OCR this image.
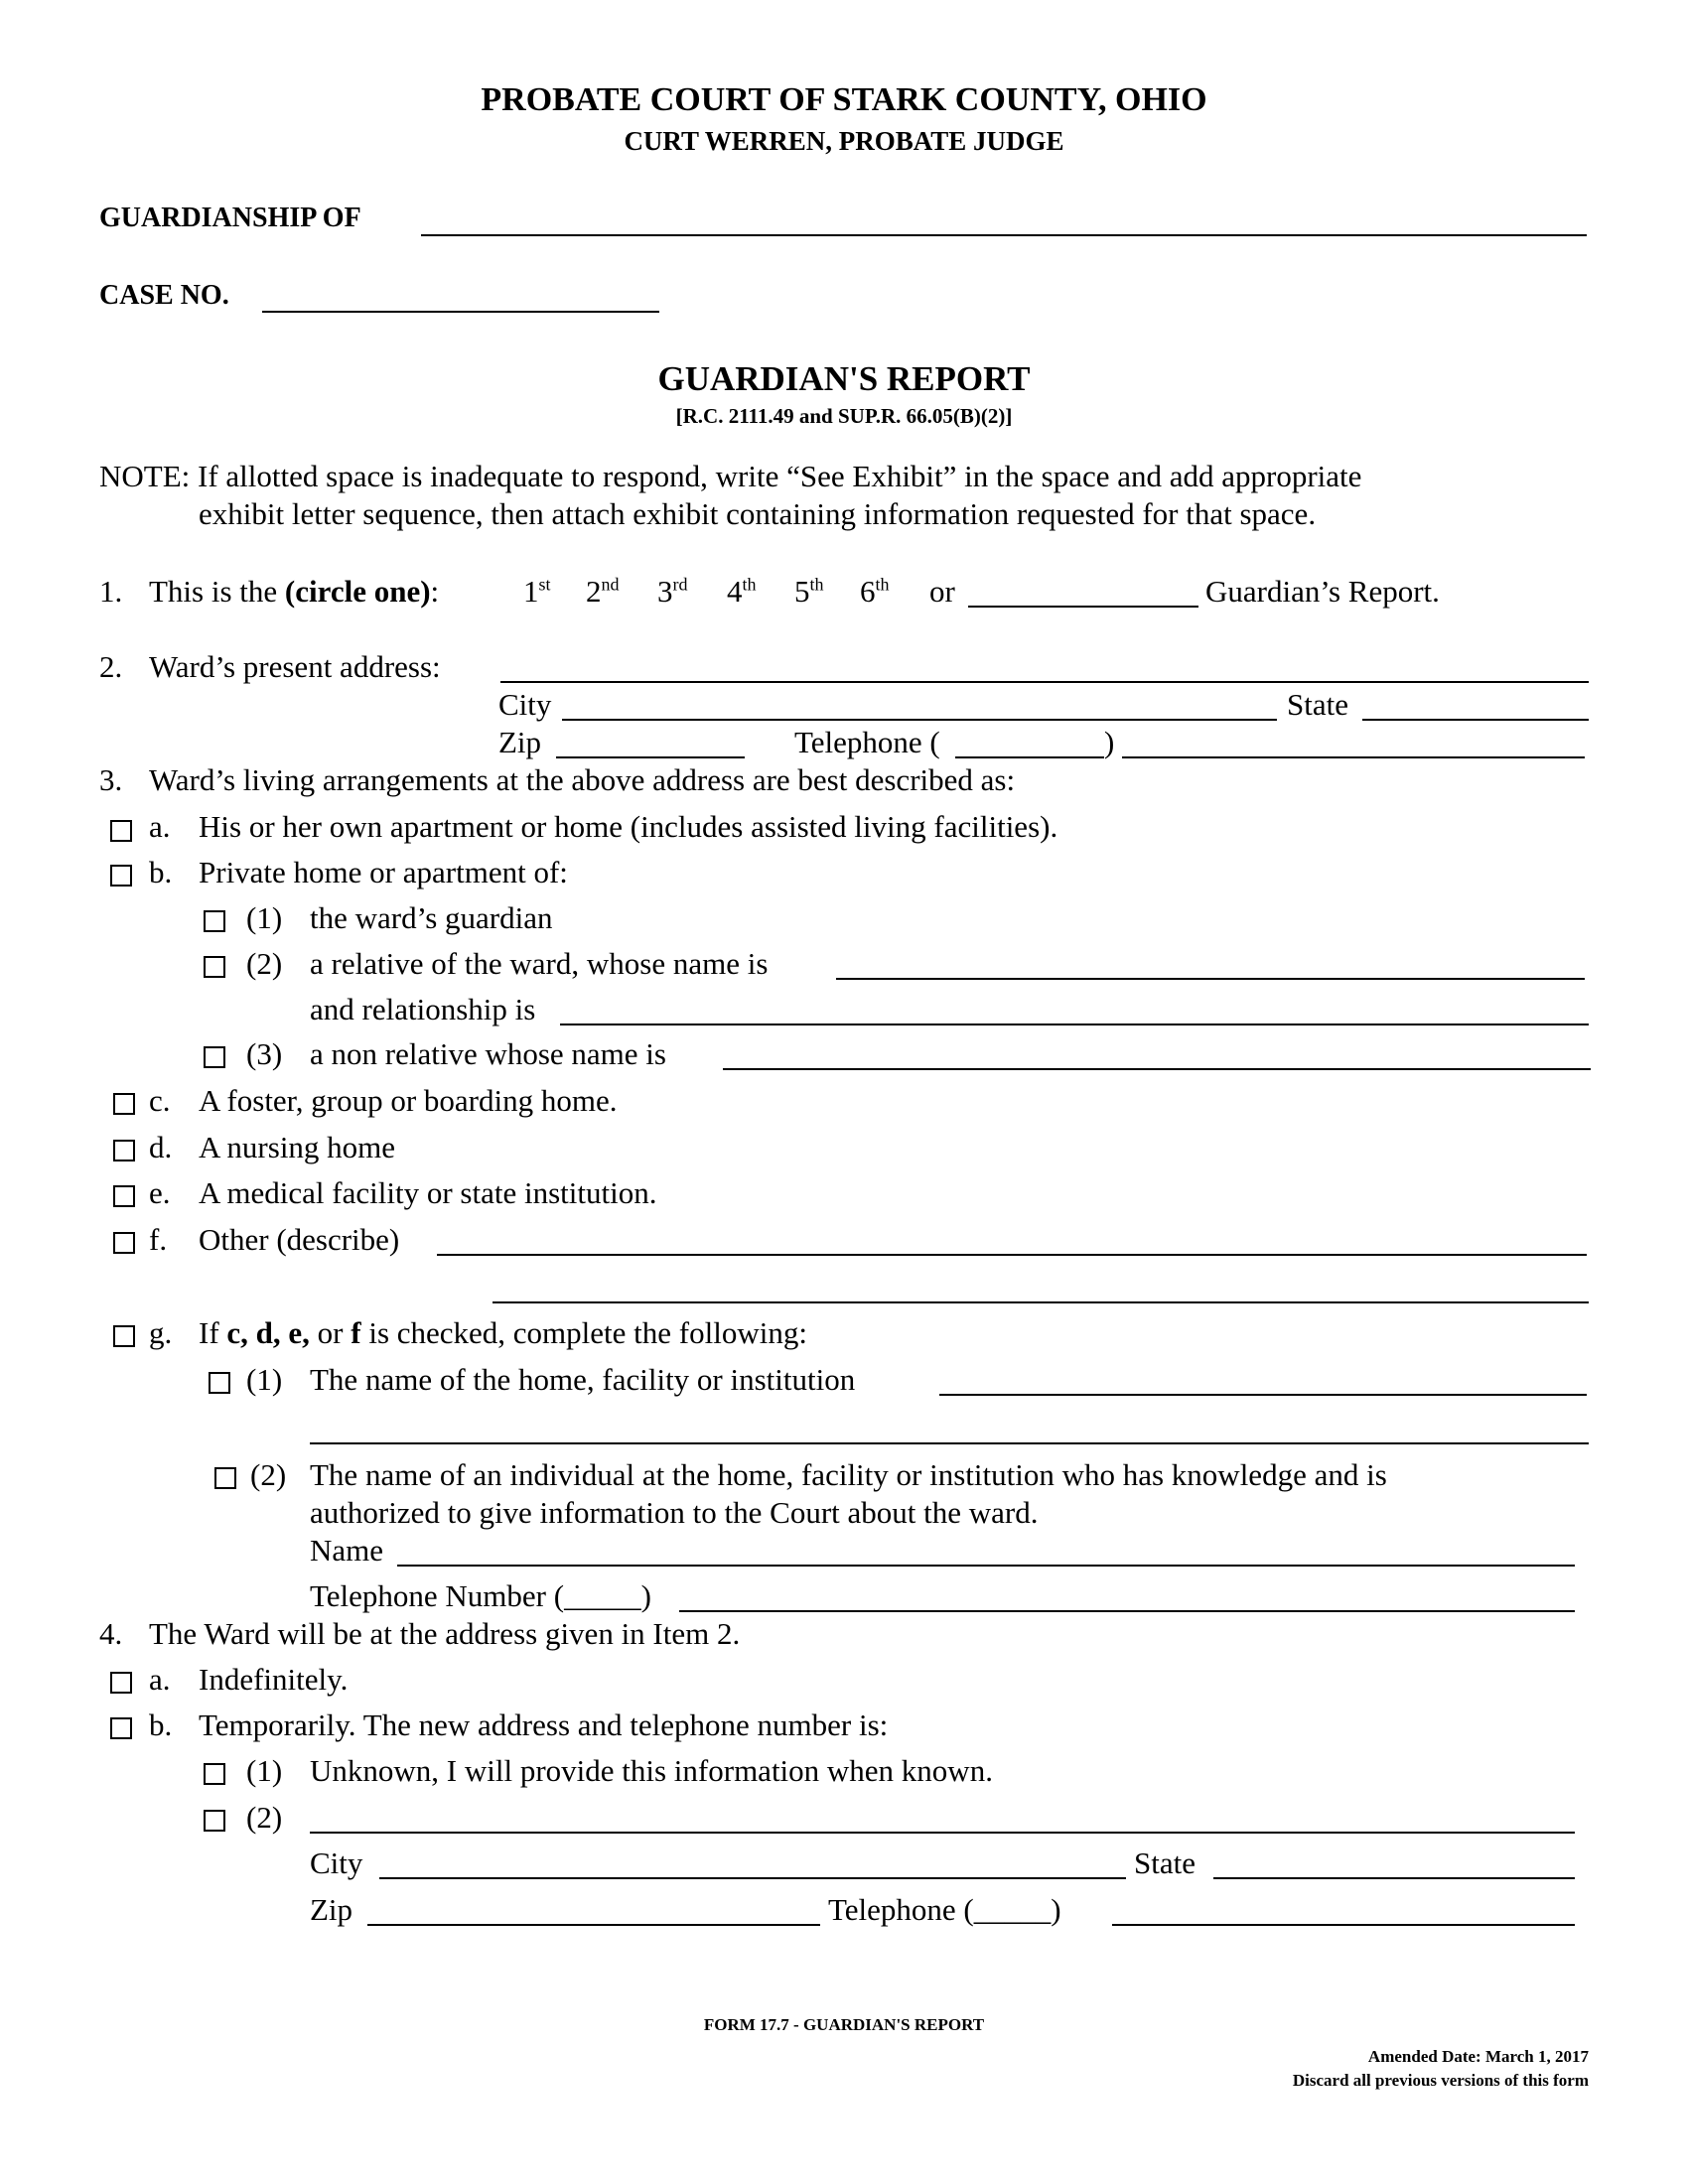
PROBATE COURT OF STARK COUNTY, OHIO
CURT WERREN, PROBATE JUDGE
GUARDIANSHIP OF
CASE NO.
GUARDIAN'S REPORT
[R.C. 2111.49 and SUP.R. 66.05(B)(2)]
NOTE: If allotted space is inadequate to respond, write “See Exhibit” in the space and add appropriate
exhibit letter sequence, then attach exhibit containing information requested for that space.
1. This is the (circle one):	1st 2nd 3rd 4th 5th 6th or	Guardian’s Report.
2. Ward’s present address:
City	State
Zip	Telephone (	)
3. Ward’s living arrangements at the above address are best described as:
a. His or her own apartment or home (includes assisted living facilities).
b. Private home or apartment of:
(1) the ward’s guardian
(2) a relative of the ward, whose name is
and relationship is
(3) a non relative whose name is
c. A foster, group or boarding home.
d. A nursing home
e. A medical facility or state institution.
f. Other (describe)
g. If c, d, e, or f is checked, complete the following:
(1) The name of the home, facility or institution
(2) The name of an individual at the home, facility or institution who has knowledge and is
authorized to give information to the Court about the ward.
Name
Telephone Number (_____)
4. The Ward will be at the address given in Item 2.
a. Indefinitely.
b. Temporarily. The new address and telephone number is:
(1) Unknown, I will provide this information when known.
(2)
City	State
Zip	Telephone (_____)
FORM 17.7 - GUARDIAN'S REPORT
Amended Date: March 1, 2017
Discard all previous versions of this form
